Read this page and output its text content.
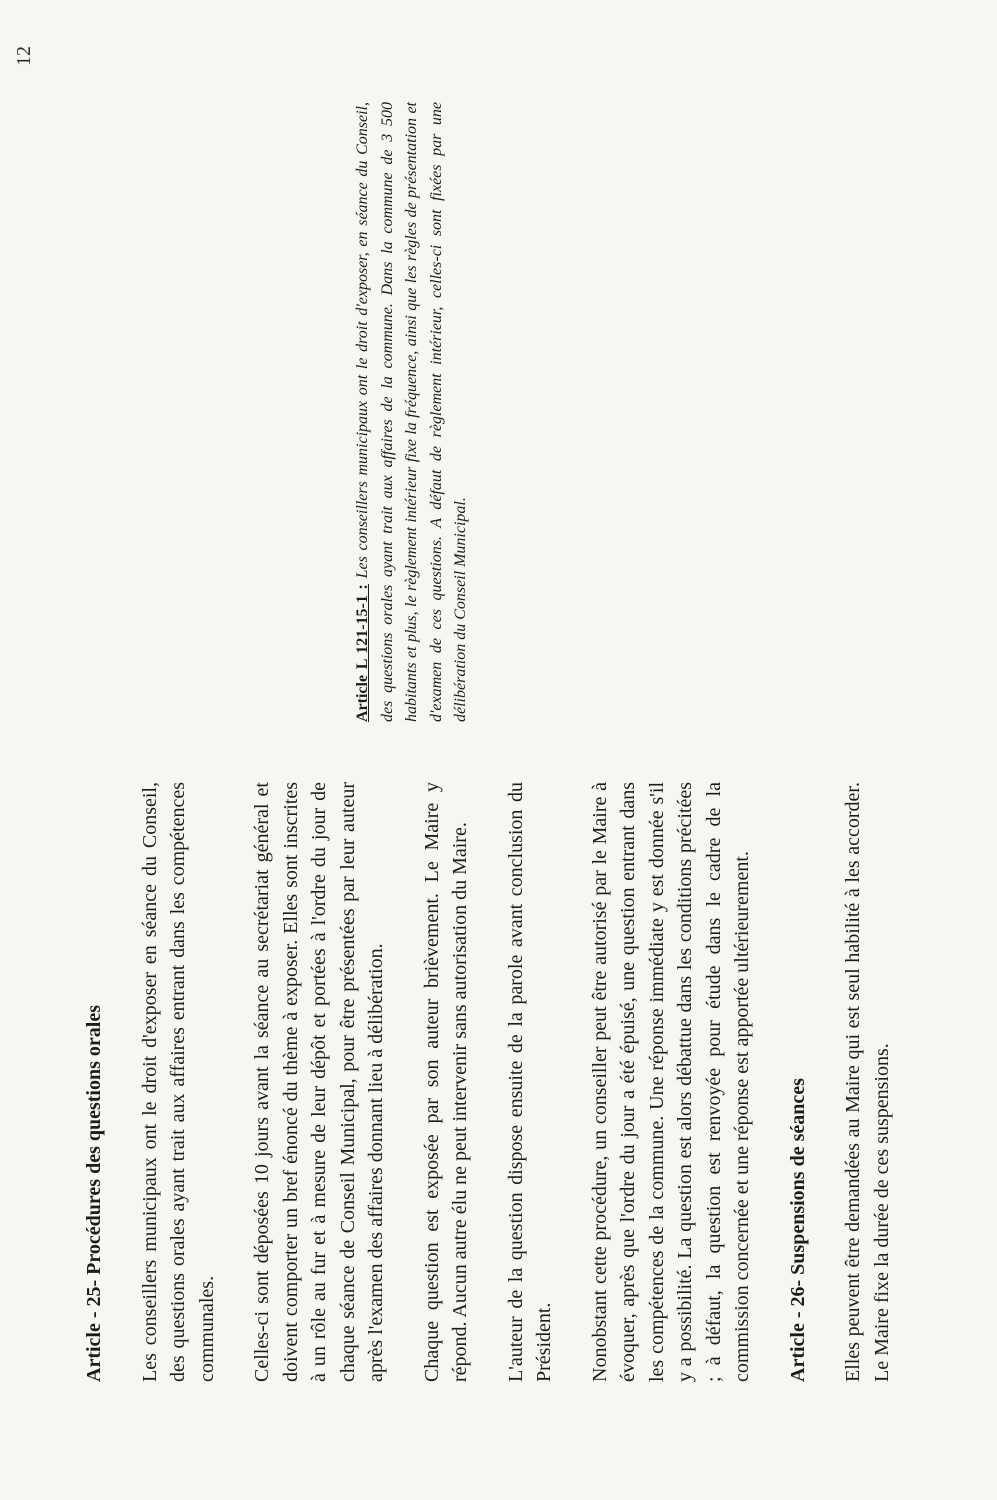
12
Article - 25- Procédures des questions orales Les conseillers municipaux ont le droit d'exposer en séance du Conseil, des questions orales ayant trait aux affaires entrant dans les compétences communales. Celles-ci sont déposées 10 jours avant la séance au secrétariat général et doivent comporter un bref énoncé du thème à exposer. Elles sont inscrites à un rôle au fur et à mesure de leur dépôt et portées à l'ordre du jour de chaque séance de Conseil Municipal, pour être présentées par leur auteur après l'examen des affaires donnant lieu à délibération. Chaque question est exposée par son auteur brièvement. Le Maire y répond. Aucun autre élu ne peut intervenir sans autorisation du Maire. L'auteur de la question dispose ensuite de la parole avant conclusion du Président. Nonobstant cette procédure, un conseiller peut être autorisé par le Maire à évoquer, après que l'ordre du jour a été épuisé, une question entrant dans les compétences de la commune. Une réponse immédiate y est donnée s'il y a possibilité. La question est alors débattue dans les conditions précitées ; à défaut, la question est renvoyée pour étude dans le cadre de la commission concernée et une réponse est apportée ultérieurement. Article - 26- Suspensions de séances Elles peuvent être demandées au Maire qui est seul habilité à les accorder. Le Maire fixe la durée de ces suspensions.

Article L 121-15-1 : Les conseillers municipaux ont le droit d'exposer, en séance du Conseil, des questions orales ayant trait aux affaires de la commune. Dans la commune de 3 500 habitants et plus, le règlement intérieur fixe la fréquence, ainsi que les règles de présentation et d'examen de ces questions. A défaut de règlement intérieur, celles-ci sont fixées par une délibération du Conseil Municipal.
